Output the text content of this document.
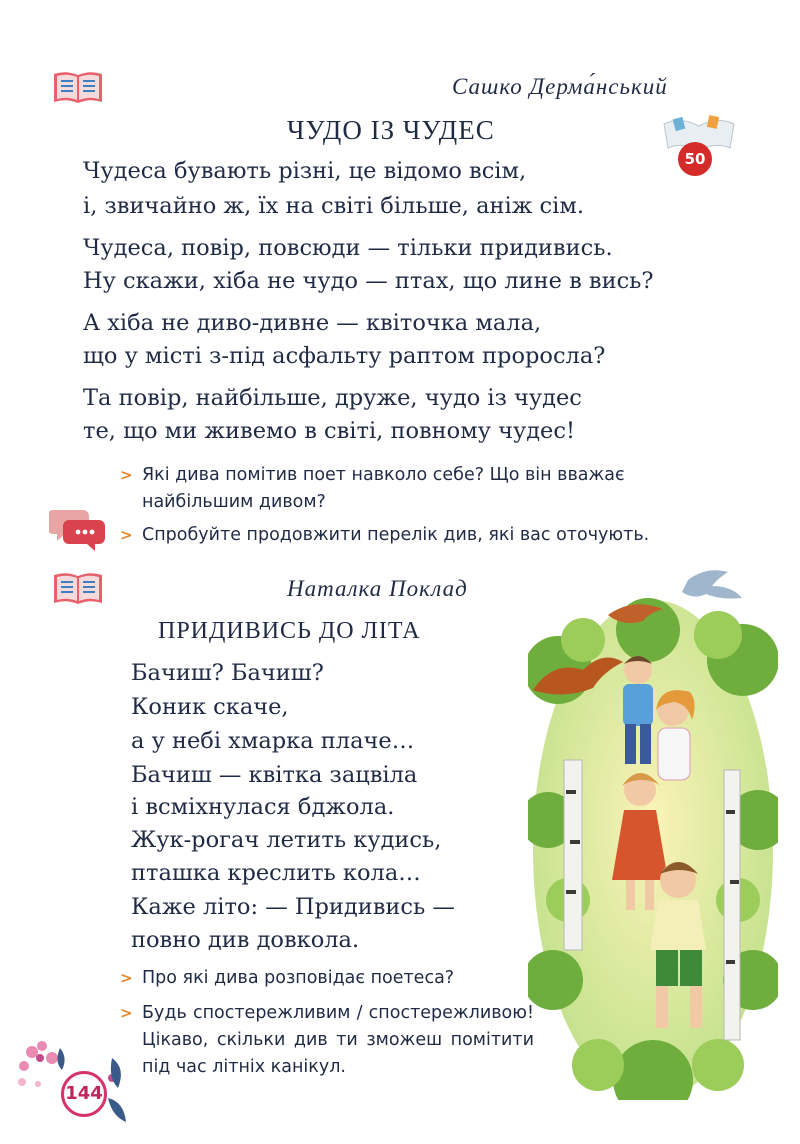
Сашко Дерма́нський
ЧУДО ІЗ ЧУДЕС
50
Чудеса бувають різні, це відомо всім,
і, звичайно ж, їх на світі більше, аніж сім.
Чудеса, повір, повсюди — тільки придивись.
Ну скажи, хіба не чудо — птах, що лине в вись?
А хіба не диво-дивне — квіточка мала,
що у місті з-під асфальту раптом проросла?
Та повір, найбільше, друже, чудо із чудес
те, що ми живемо в світі, повному чудес!
> Які дива помітив поет навколо себе? Що він вважає найбільшим дивом?
> Спробуйте продовжити перелік див, які вас оточують.
Наталка Поклад
ПРИДИВИСЬ ДО ЛІТА
Бачиш? Бачиш?
Коник скаче,
а у небі хмарка плаче…
Бачиш — квітка зацвіла
і всміхнулася бджола.
Жук-рогач летить кудись,
пташка креслить кола…
Каже літо: — Придивись —
повно див довкола.
> Про які дива розповідає поетеса?
> Будь спостережливим / спостережливою! Цікаво, скільки див ти зможеш помітити під час літніх канікул.
144
